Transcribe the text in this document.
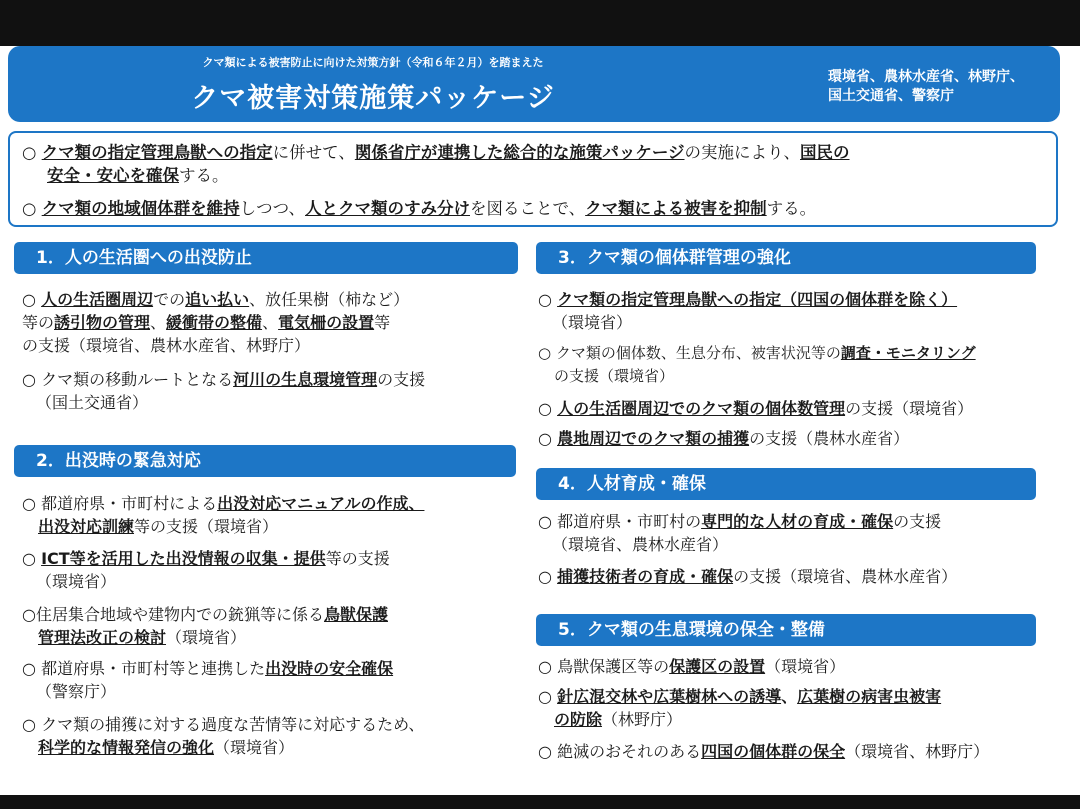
クマ類による被害防止に向けた対策方針（令和６年２月）を踏まえた
クマ被害対策施策パッケージ
環境省、農林水産省、林野庁、
国土交通省、警察庁
○ クマ類の指定管理鳥獣への指定に併せて、関係省庁が連携した総合的な施策パッケージの実施により、国民の
安全・安心を確保する。
○ クマ類の地域個体群を維持しつつ、人とクマ類のすみ分けを図ることで、クマ類による被害を抑制する。
1．人の生活圏への出没防止
○ 人の生活圏周辺での追い払い、放任果樹（柿など）
等の誘引物の管理、緩衝帯の整備、電気柵の設置等
の支援（環境省、農林水産省、林野庁）
○ クマ類の移動ルートとなる河川の生息環境管理の支援
（国土交通省）
2．出没時の緊急対応
○ 都道府県・市町村による出没対応マニュアルの作成、
出没対応訓練等の支援（環境省）
○ ICT等を活用した出没情報の収集・提供等の支援
（環境省）
○住居集合地域や建物内での銃猟等に係る鳥獣保護
管理法改正の検討（環境省）
○ 都道府県・市町村等と連携した出没時の安全確保
（警察庁）
○ クマ類の捕獲に対する過度な苦情等に対応するため、
科学的な情報発信の強化（環境省）
3．クマ類の個体群管理の強化
○ クマ類の指定管理鳥獣への指定（四国の個体群を除く）
（環境省）
○ クマ類の個体数、生息分布、被害状況等の調査・モニタリング
の支援（環境省）
○ 人の生活圏周辺でのクマ類の個体数管理の支援（環境省）
○ 農地周辺でのクマ類の捕獲の支援（農林水産省）
4．人材育成・確保
○ 都道府県・市町村の専門的な人材の育成・確保の支援
（環境省、農林水産省）
○ 捕獲技術者の育成・確保の支援（環境省、農林水産省）
5．クマ類の生息環境の保全・整備
○ 鳥獣保護区等の保護区の設置（環境省）
○ 針広混交林や広葉樹林への誘導、広葉樹の病害虫被害
の防除（林野庁）
○ 絶滅のおそれのある四国の個体群の保全（環境省、林野庁）
